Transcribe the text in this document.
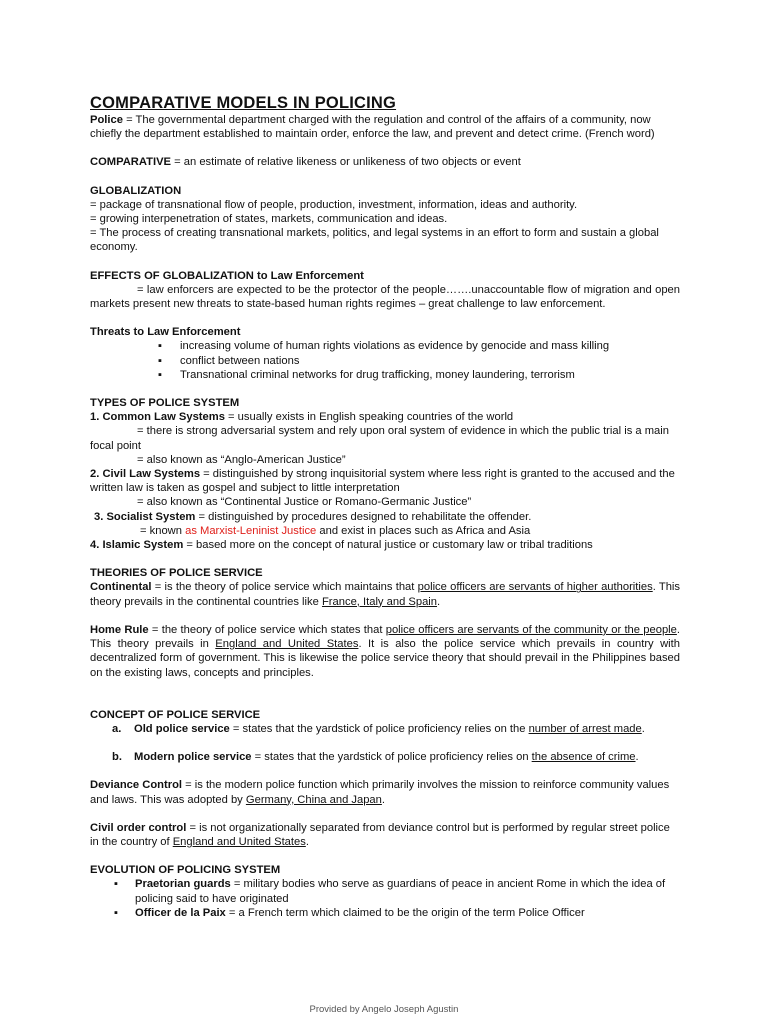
COMPARATIVE MODELS IN POLICING

Police = The governmental department charged with the regulation and control of the affairs of a community, now chiefly the department established to maintain order, enforce the law, and prevent and detect crime. (French word)

COMPARATIVE = an estimate of relative likeness or unlikeness of two objects or event

GLOBALIZATION

= package of transnational flow of people, production, investment, information, ideas and authority.

= growing interpenetration of states, markets, communication and ideas.

= The process of creating transnational markets, politics, and legal systems in an effort to form and sustain a global economy.

EFFECTS OF GLOBALIZATION to Law Enforcement

= law enforcers are expected to be the protector of the people…….unaccountable flow of migration and open markets present new threats to state-based human rights regimes – great challenge to law enforcement.

Threats to Law Enforcement

▪ increasing volume of human rights violations as evidence by genocide and mass killing
▪ conflict between nations
▪ Transnational criminal networks for drug trafficking, money laundering, terrorism

TYPES OF POLICE SYSTEM

1. Common Law Systems = usually exists in English speaking countries of the world

= there is strong adversarial system and rely upon oral system of evidence in which the public trial is a main

focal point

= also known as “Anglo-American Justice”

2. Civil Law Systems = distinguished by strong inquisitorial system where less right is granted to the accused and the written law is taken as gospel and subject to little interpretation

= also known as “Continental Justice or Romano-Germanic Justice”

3. Socialist System = distinguished by procedures designed to rehabilitate the offender.

= known as Marxist-Leninist Justice and exist in places such as Africa and Asia

4. Islamic System = based more on the concept of natural justice or customary law or tribal traditions

THEORIES OF POLICE SERVICE

Continental = is the theory of police service which maintains that police officers are servants of higher authorities. This theory prevails in the continental countries like France, Italy and Spain.

Home Rule = the theory of police service which states that police officers are servants of the community or the people. This theory prevails in England and United States. It is also the police service which prevails in country with decentralized form of government. This is likewise the police service theory that should prevail in the Philippines based on the existing laws, concepts and principles.

CONCEPT OF POLICE SERVICE

a. Old police service = states that the yardstick of police proficiency relies on the number of arrest made.

b. Modern police service = states that the yardstick of police proficiency relies on the absence of crime.

Deviance Control = is the modern police function which primarily involves the mission to reinforce community values and laws. This was adopted by Germany, China and Japan.

Civil order control = is not organizationally separated from deviance control but is performed by regular street police in the country of England and United States.

EVOLUTION OF POLICING SYSTEM

▪ Praetorian guards = military bodies who serve as guardians of peace in ancient Rome in which the idea of policing said to have originated
▪ Officer de la Paix = a French term which claimed to be the origin of the term Police Officer
Provided by Angelo Joseph Agustin
